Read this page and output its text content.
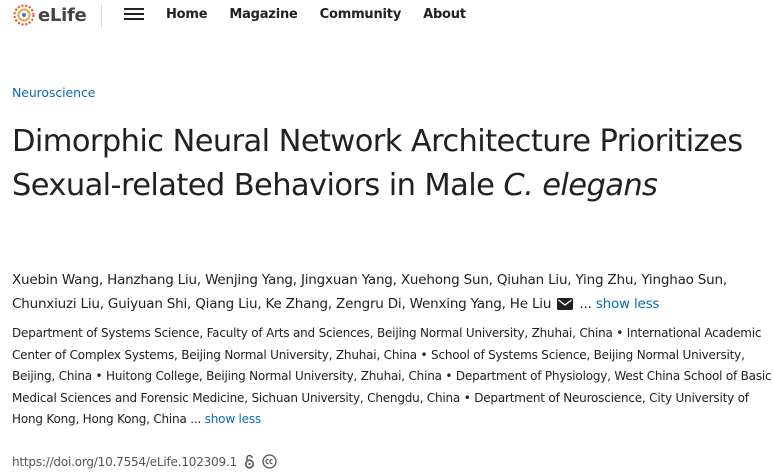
eLife	Home Magazine Community About
Neuroscience
Dimorphic Neural Network Architecture Prioritizes Sexual-related Behaviors in Male C. elegans
Xuebin Wang, Hanzhang Liu, Wenjing Yang, Jingxuan Yang, Xuehong Sun, Qiuhan Liu, Ying Zhu, Yinghao Sun, Chunxiuzi Liu, Guiyuan Shi, Qiang Liu, Ke Zhang, Zengru Di, Wenxing Yang, He Liu ... show less
Department of Systems Science, Faculty of Arts and Sciences, Beijing Normal University, Zhuhai, China • International Academic Center of Complex Systems, Beijing Normal University, Zhuhai, China • School of Systems Science, Beijing Normal University, Beijing, China • Huitong College, Beijing Normal University, Zhuhai, China • Department of Physiology, West China School of Basic Medical Sciences and Forensic Medicine, Sichuan University, Chengdu, China • Department of Neuroscience, City University of Hong Kong, Hong Kong, China ... show less
https://doi.org/10.7554/eLife.102309.1
